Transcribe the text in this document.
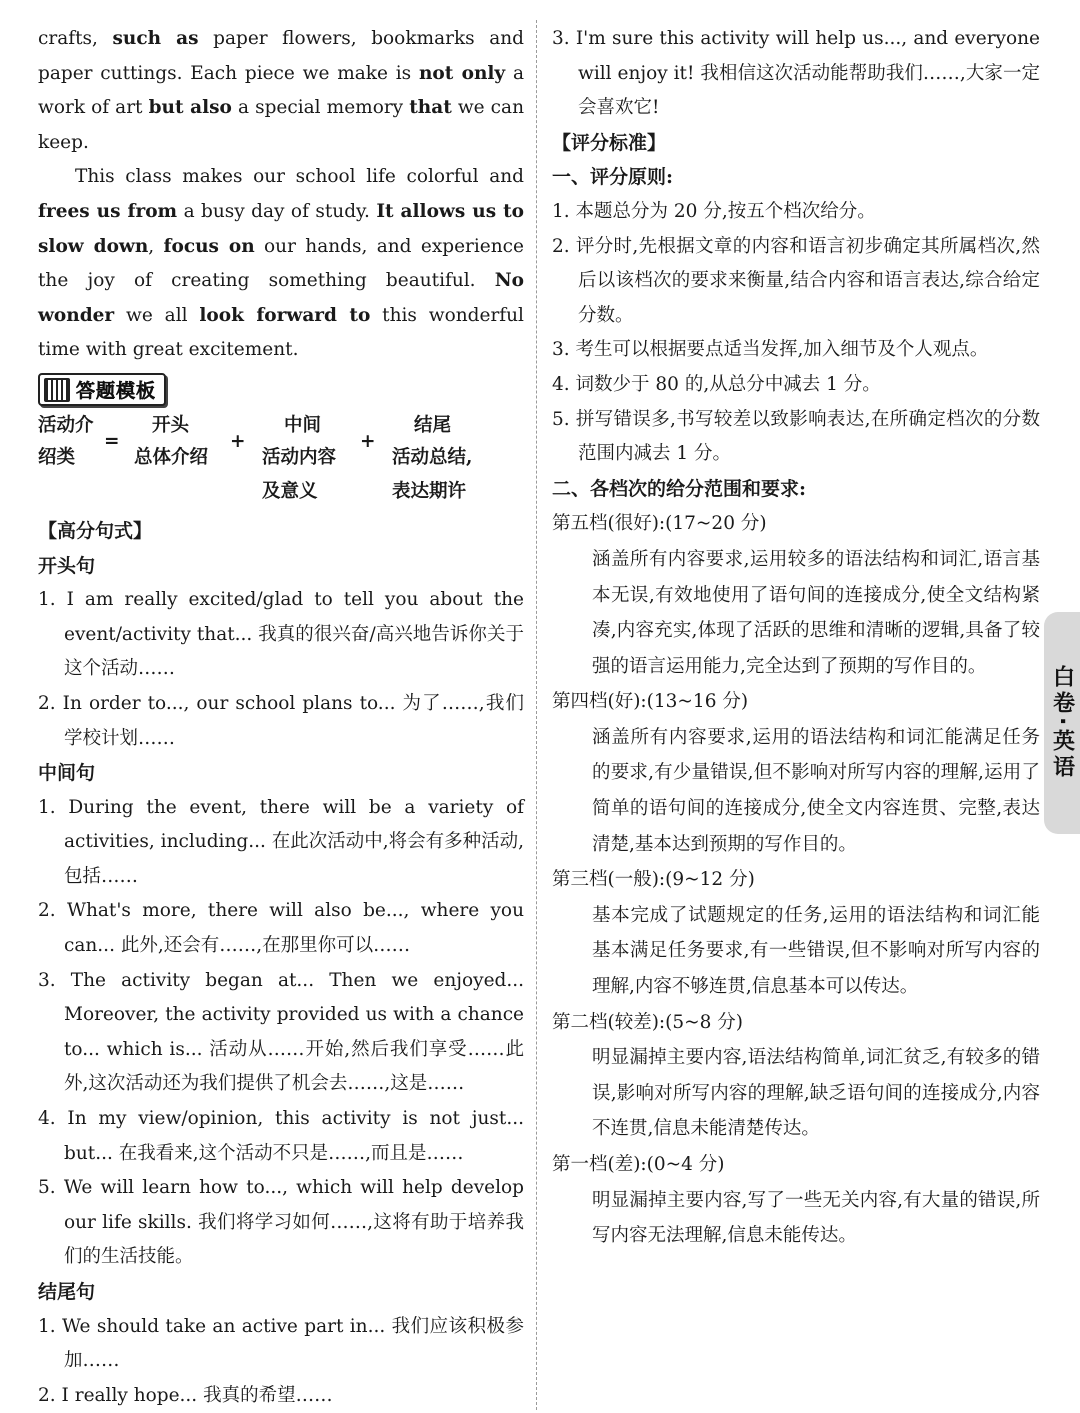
crafts, such as paper flowers, bookmarks and paper cuttings. Each piece we make is not only a work of art but also a special memory that we can keep.

This class makes our school life colorful and frees us from a busy day of study. It allows us to slow down, focus on our hands, and experience the joy of creating something beautiful. No wonder we all look forward to this wonderful time with great excitement.

答题模板
活动介
绍类
=
开头
总体介绍
+
中间
活动内容
及意义
+
结尾
活动总结,
表达期许

【高分句式】

开头句

1. I am really excited/glad to tell you about the event/activity that... 我真的很兴奋/高兴地告诉你关于这个活动……

2. In order to..., our school plans to... 为了……,我们学校计划……

中间句

1. During the event, there will be a variety of activities, including... 在此次活动中,将会有多种活动,包括……

2. What's more, there will also be..., where you can... 此外,还会有……,在那里你可以……

3. The activity began at... Then we enjoyed... Moreover, the activity provided us with a chance to... which is... 活动从……开始,然后我们享受……此外,这次活动还为我们提供了机会去……,这是……

4. In my view/opinion, this activity is not just... but... 在我看来,这个活动不只是……,而且是……

5. We will learn how to..., which will help develop our life skills. 我们将学习如何……,这将有助于培养我们的生活技能。

结尾句

1. We should take an active part in... 我们应该积极参加……

2. I really hope... 我真的希望……

3. I'm sure this activity will help us..., and everyone will enjoy it! 我相信这次活动能帮助我们……,大家一定会喜欢它!

【评分标准】

一、评分原则:

1. 本题总分为 20 分,按五个档次给分。

2. 评分时,先根据文章的内容和语言初步确定其所属档次,然后以该档次的要求来衡量,结合内容和语言表达,综合给定分数。

3. 考生可以根据要点适当发挥,加入细节及个人观点。

4. 词数少于 80 的,从总分中减去 1 分。

5. 拼写错误多,书写较差以致影响表达,在所确定档次的分数范围内减去 1 分。

二、各档次的给分范围和要求:

第五档(很好):(17~20 分)

涵盖所有内容要求,运用较多的语法结构和词汇,语言基本无误,有效地使用了语句间的连接成分,使全文结构紧凑,内容充实,体现了活跃的思维和清晰的逻辑,具备了较强的语言运用能力,完全达到了预期的写作目的。

第四档(好):(13~16 分)

涵盖所有内容要求,运用的语法结构和词汇能满足任务的要求,有少量错误,但不影响对所写内容的理解,运用了简单的语句间的连接成分,使全文内容连贯、完整,表达清楚,基本达到预期的写作目的。

第三档(一般):(9~12 分)

基本完成了试题规定的任务,运用的语法结构和词汇能基本满足任务要求,有一些错误,但不影响对所写内容的理解,内容不够连贯,信息基本可以传达。

第二档(较差):(5~8 分)

明显漏掉主要内容,语法结构简单,词汇贫乏,有较多的错误,影响对所写内容的理解,缺乏语句间的连接成分,内容不连贯,信息未能清楚传达。

第一档(差):(0~4 分)

明显漏掉主要内容,写了一些无关内容,有大量的错误,所写内容无法理解,信息未能传达。

白卷·英语
